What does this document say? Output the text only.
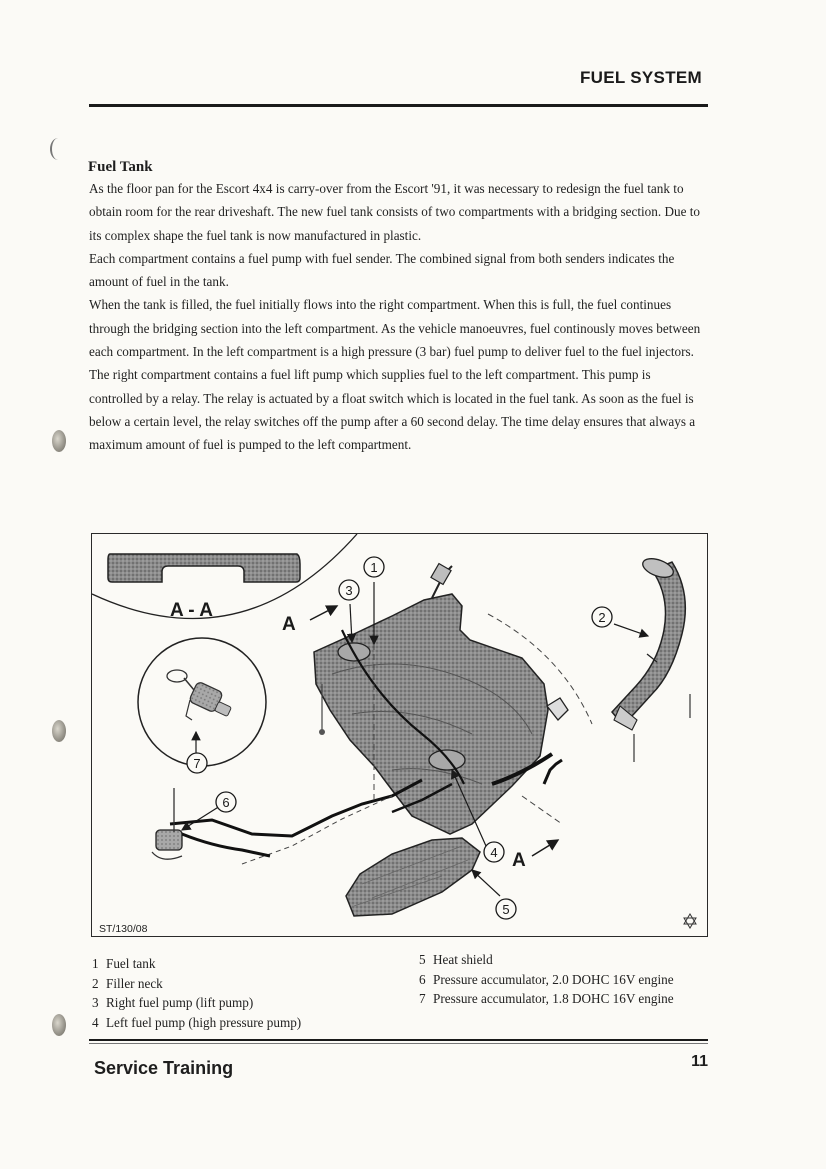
FUEL SYSTEM
Fuel Tank

As the floor pan for the Escort 4x4 is carry-over from the Escort '91, it was necessary to redesign the fuel tank to obtain room for the rear driveshaft. The new fuel tank consists of two compartments with a bridging section. Due to its complex shape the fuel tank is now manufactured in plastic.

Each compartment contains a fuel pump with fuel sender. The combined signal from both senders indicates the amount of fuel in the tank.

When the tank is filled, the fuel initially flows into the right compartment. When this is full, the fuel continues through the bridging section into the left compartment. As the vehicle manoeuvres, fuel continously moves between each compartment. In the left compartment is a high pressure (3 bar) fuel pump to deliver fuel to the fuel injectors.

The right compartment contains a fuel lift pump which supplies fuel to the left compartment. This pump is controlled by a relay. The relay is actuated by a float switch which is located in the fuel tank. As soon as the fuel is below a certain level, the relay switches off the pump after a 60 second delay. The time delay ensures that always a maximum amount of fuel is pumped to the left compartment.

A - A
A
A
1
2
3
4
5
6
7
ST/130/08
1 Fuel tank
2 Filler neck
3 Right fuel pump (lift pump)
4 Left fuel pump (high pressure pump)
5 Heat shield
6 Pressure accumulator, 2.0 DOHC 16V engine
7 Pressure accumulator, 1.8 DOHC 16V engine
Service Training	11
